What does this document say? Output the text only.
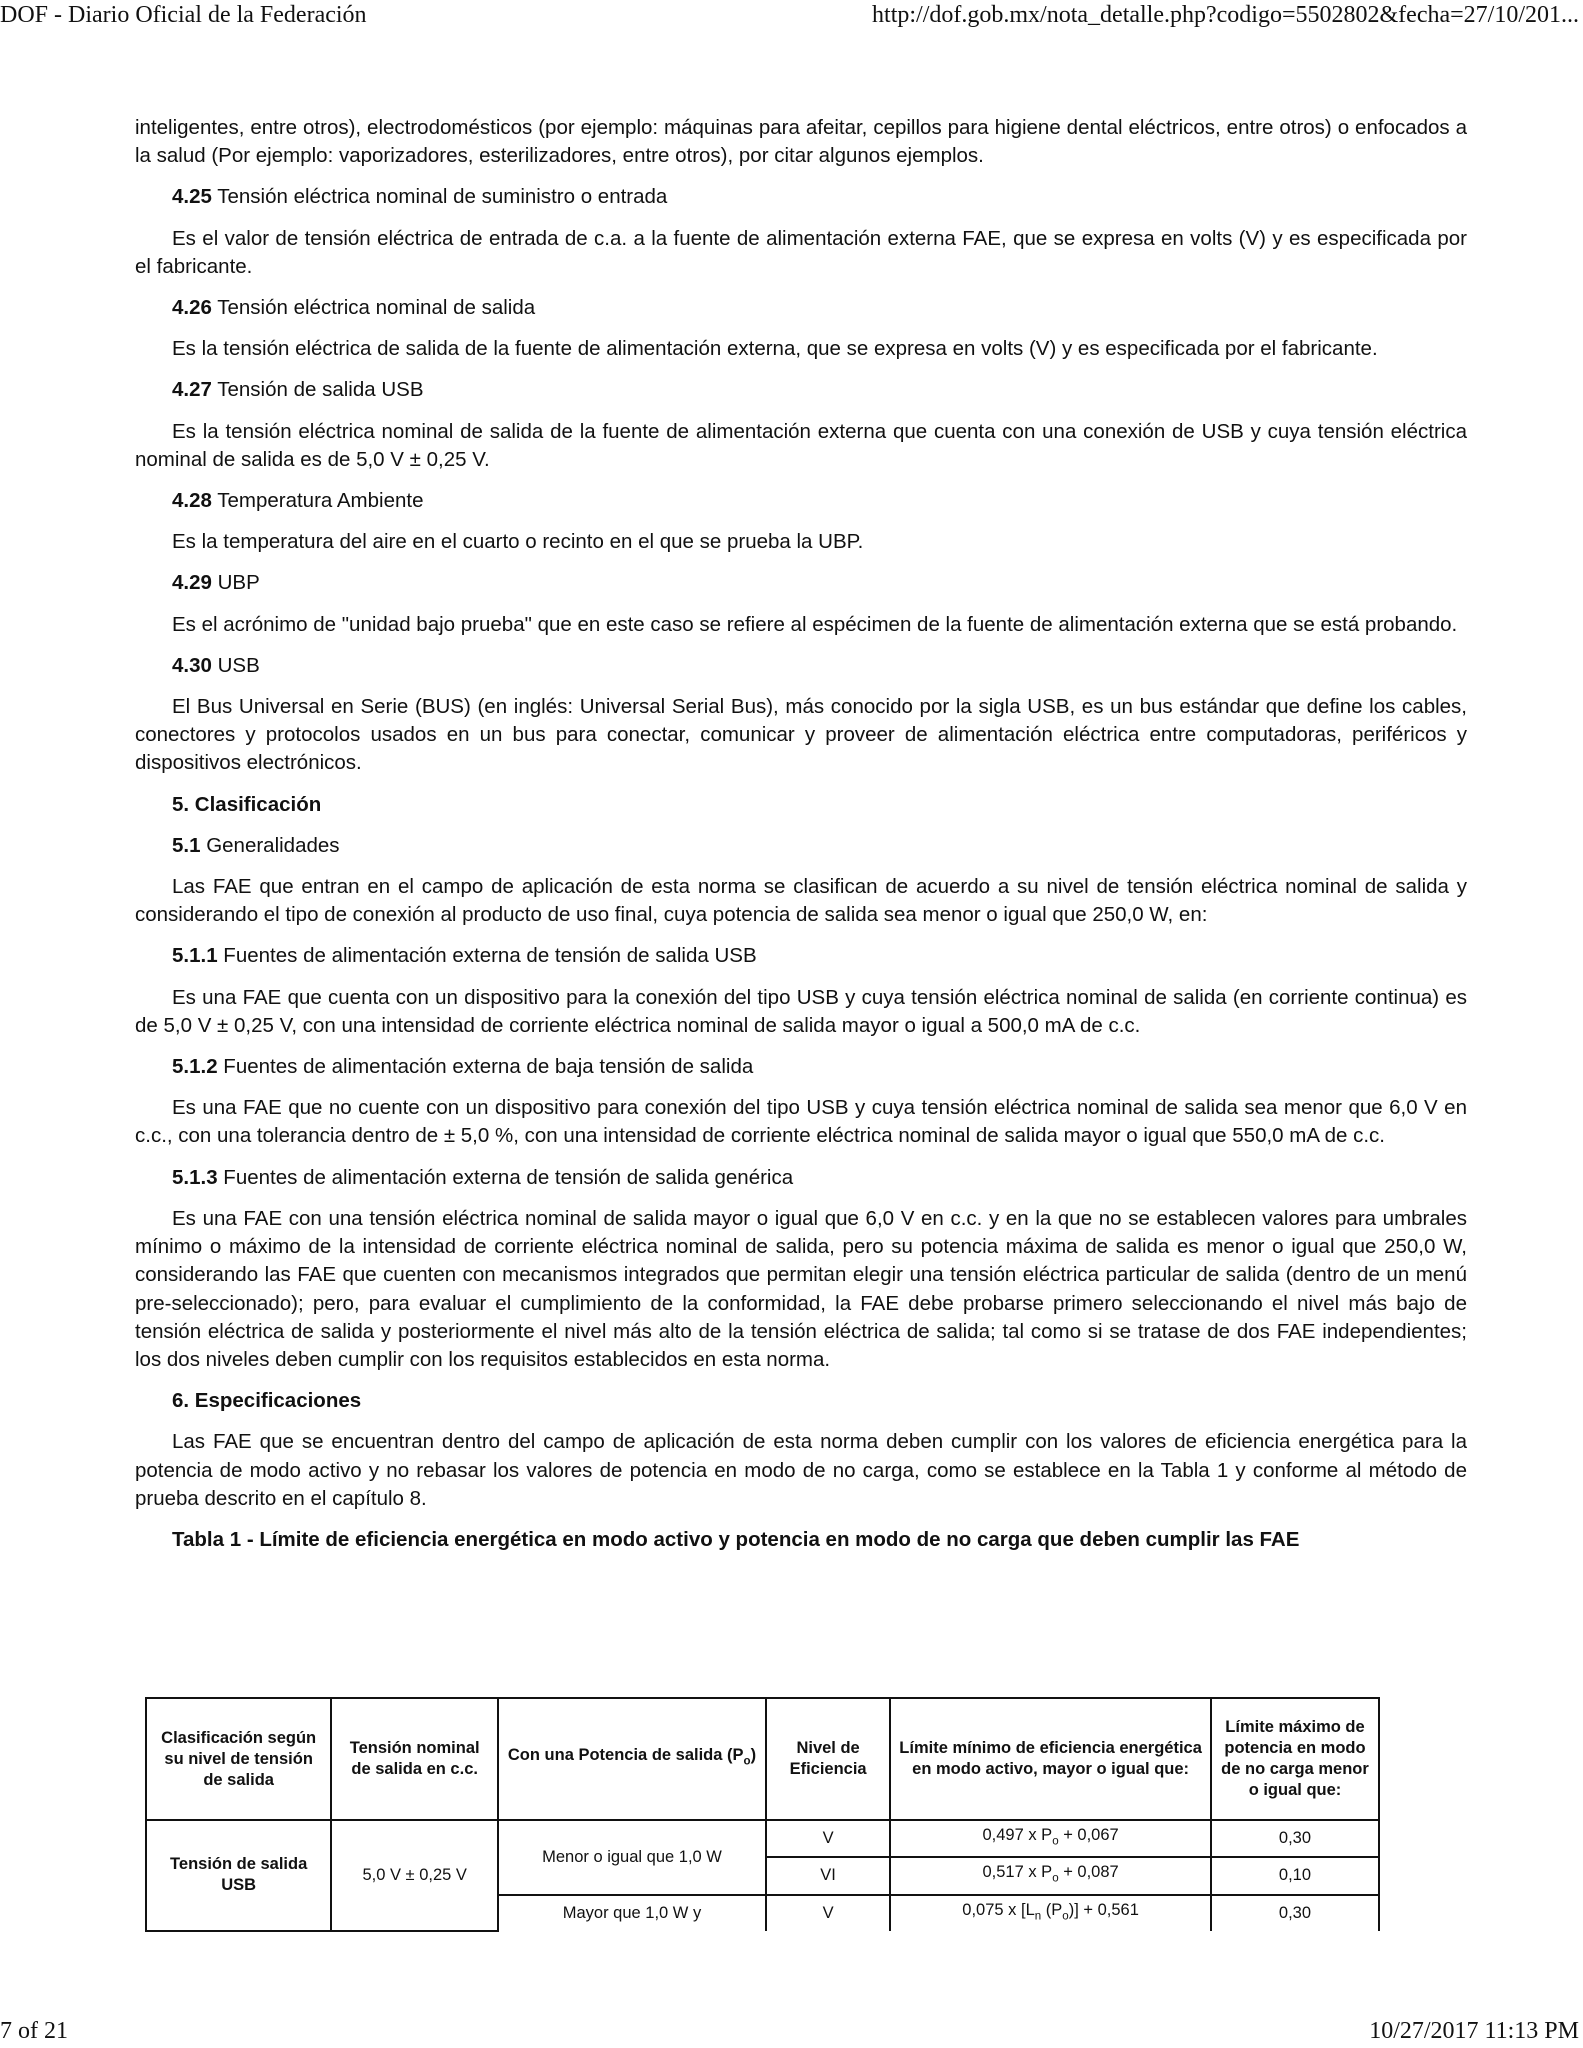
DOF - Diario Oficial de la Federación	http://dof.gob.mx/nota_detalle.php?codigo=5502802&fecha=27/10/201...

inteligentes, entre otros), electrodomésticos (por ejemplo: máquinas para afeitar, cepillos para higiene dental eléctricos, entre otros) o enfocados a la salud (Por ejemplo: vaporizadores, esterilizadores, entre otros), por citar algunos ejemplos.

4.25 Tensión eléctrica nominal de suministro o entrada

Es el valor de tensión eléctrica de entrada de c.a. a la fuente de alimentación externa FAE, que se expresa en volts (V) y es especificada por el fabricante.

4.26 Tensión eléctrica nominal de salida

Es la tensión eléctrica de salida de la fuente de alimentación externa, que se expresa en volts (V) y es especificada por el fabricante.

4.27 Tensión de salida USB

Es la tensión eléctrica nominal de salida de la fuente de alimentación externa que cuenta con una conexión de USB y cuya tensión eléctrica nominal de salida es de 5,0 V ± 0,25 V.

4.28 Temperatura Ambiente

Es la temperatura del aire en el cuarto o recinto en el que se prueba la UBP.

4.29 UBP

Es el acrónimo de "unidad bajo prueba" que en este caso se refiere al espécimen de la fuente de alimentación externa que se está probando.

4.30 USB

El Bus Universal en Serie (BUS) (en inglés: Universal Serial Bus), más conocido por la sigla USB, es un bus estándar que define los cables, conectores y protocolos usados en un bus para conectar, comunicar y proveer de alimentación eléctrica entre computadoras, periféricos y dispositivos electrónicos.

5. Clasificación

5.1 Generalidades

Las FAE que entran en el campo de aplicación de esta norma se clasifican de acuerdo a su nivel de tensión eléctrica nominal de salida y considerando el tipo de conexión al producto de uso final, cuya potencia de salida sea menor o igual que 250,0 W, en:

5.1.1 Fuentes de alimentación externa de tensión de salida USB

Es una FAE que cuenta con un dispositivo para la conexión del tipo USB y cuya tensión eléctrica nominal de salida (en corriente continua) es de 5,0 V ± 0,25 V, con una intensidad de corriente eléctrica nominal de salida mayor o igual a 500,0 mA de c.c.

5.1.2 Fuentes de alimentación externa de baja tensión de salida

Es una FAE que no cuente con un dispositivo para conexión del tipo USB y cuya tensión eléctrica nominal de salida sea menor que 6,0 V en c.c., con una tolerancia dentro de ± 5,0 %, con una intensidad de corriente eléctrica nominal de salida mayor o igual que 550,0 mA de c.c.

5.1.3 Fuentes de alimentación externa de tensión de salida genérica

Es una FAE con una tensión eléctrica nominal de salida mayor o igual que 6,0 V en c.c. y en la que no se establecen valores para umbrales mínimo o máximo de la intensidad de corriente eléctrica nominal de salida, pero su potencia máxima de salida es menor o igual que 250,0 W, considerando las FAE que cuenten con mecanismos integrados que permitan elegir una tensión eléctrica particular de salida (dentro de un menú pre-seleccionado); pero, para evaluar el cumplimiento de la conformidad, la FAE debe probarse primero seleccionando el nivel más bajo de tensión eléctrica de salida y posteriormente el nivel más alto de la tensión eléctrica de salida; tal como si se tratase de dos FAE independientes; los dos niveles deben cumplir con los requisitos establecidos en esta norma.

6. Especificaciones

Las FAE que se encuentran dentro del campo de aplicación de esta norma deben cumplir con los valores de eficiencia energética para la potencia de modo activo y no rebasar los valores de potencia en modo de no carga, como se establece en la Tabla 1 y conforme al método de prueba descrito en el capítulo 8.

Tabla 1 - Límite de eficiencia energética en modo activo y potencia en modo de no carga que deben cumplir las FAE

Clasificación según su nivel de tensión de salida	Tensión nominal de salida en c.c.	Con una Potencia de salida $(P_o)$	Nivel de Eficiencia	Límite mínimo de eficiencia energética en modo activo, mayor o igual que:	Límite máximo de potencia en modo de no carga menor o igual que:
Tensión de salida USB	5,0 V ± 0,25 V	Menor o igual que 1,0 W	V	0,497 x $P_o + 0,067$	0,30
			VI	0,517 x $P_o + 0,087$	0,10
		Mayor que 1,0 W y	V	0,075 x [$L_n$ $(P_o)] + 0,561$	0,30
7 of 21	10/27/2017 11:13 PM
